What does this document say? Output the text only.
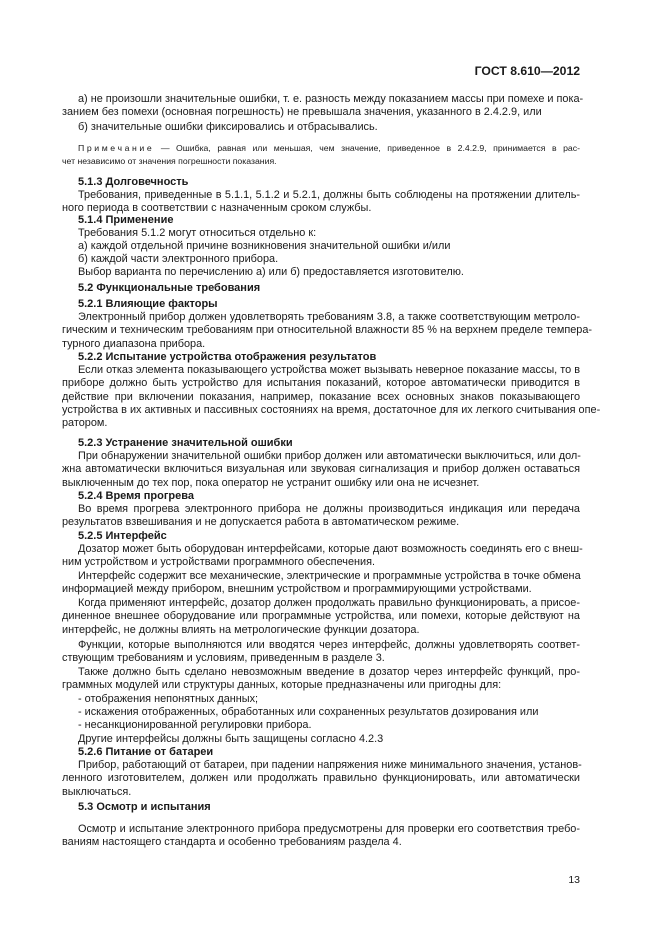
ГОСТ 8.610—2012
а) не произошли значительные ошибки, т. е. разность между показанием массы при помехе и пока-
занием без помехи (основная погрешность) не превышала значения, указанного в 2.4.2.9, или
б) значительные ошибки фиксировались и отбрасывались.
Примечание — Ошибка, равная или меньшая, чем значение, приведенное в 2.4.2.9, принимается в рас-
чет независимо от значения погрешности показания.
5.1.3 Долговечность
Требования, приведенные в 5.1.1, 5.1.2 и 5.2.1, должны быть соблюдены на протяжении длитель-
ного периода в соответствии с назначенным сроком службы.
5.1.4 Применение
Требования 5.1.2 могут относиться отдельно к:
а) каждой отдельной причине возникновения значительной ошибки и/или
б) каждой части электронного прибора.
Выбор варианта по перечислению а) или б) предоставляется изготовителю.
5.2 Функциональные требования
5.2.1 Влияющие факторы
Электронный прибор должен удовлетворять требованиям 3.8, а также соответствующим метроло-
гическим и техническим требованиям при относительной влажности 85 % на верхнем пределе темпера-
турного диапазона прибора.
5.2.2 Испытание устройства отображения результатов
Если отказ элемента показывающего устройства может вызывать неверное показание массы, то в
приборе должно быть устройство для испытания показаний, которое автоматически приводится в
действие при включении показания, например, показание всех основных знаков показывающего
устройства в их активных и пассивных состояниях на время, достаточное для их легкого считывания опе-
ратором.
5.2.3 Устранение значительной ошибки
При обнаружении значительной ошибки прибор должен или автоматически выключиться, или дол-
жна автоматически включиться визуальная или звуковая сигнализация и прибор должен оставаться
выключенным до тех пор, пока оператор не устранит ошибку или она не исчезнет.
5.2.4 Время прогрева
Во время прогрева электронного прибора не должны производиться индикация или передача
результатов взвешивания и не допускается работа в автоматическом режиме.
5.2.5 Интерфейс
Дозатор может быть оборудован интерфейсами, которые дают возможность соединять его с внеш-
ним устройством и устройствами программного обеспечения.
Интерфейс содержит все механические, электрические и программные устройства в точке обмена
информацией между прибором, внешним устройством и программирующими устройствами.
Когда применяют интерфейс, дозатор должен продолжать правильно функционировать, а присое-
диненное внешнее оборудование или программные устройства, или помехи, которые действуют на
интерфейс, не должны влиять на метрологические функции дозатора.
Функции, которые выполняются или вводятся через интерфейс, должны удовлетворять соответ-
ствующим требованиям и условиям, приведенным в разделе 3.
Также должно быть сделано невозможным введение в дозатор через интерфейс функций, про-
граммных модулей или структуры данных, которые предназначены или пригодны для:
- отображения непонятных данных;
- искажения отображенных, обработанных или сохраненных результатов дозирования или
- несанкционированной регулировки прибора.
Другие интерфейсы должны быть защищены согласно 4.2.3
5.2.6 Питание от батареи
Прибор, работающий от батареи, при падении напряжения ниже минимального значения, установ-
ленного изготовителем, должен или продолжать правильно функционировать, или автоматически
выключаться.
5.3 Осмотр и испытания
Осмотр и испытание электронного прибора предусмотрены для проверки его соответствия требо-
ваниям настоящего стандарта и особенно требованиям раздела 4.
13
